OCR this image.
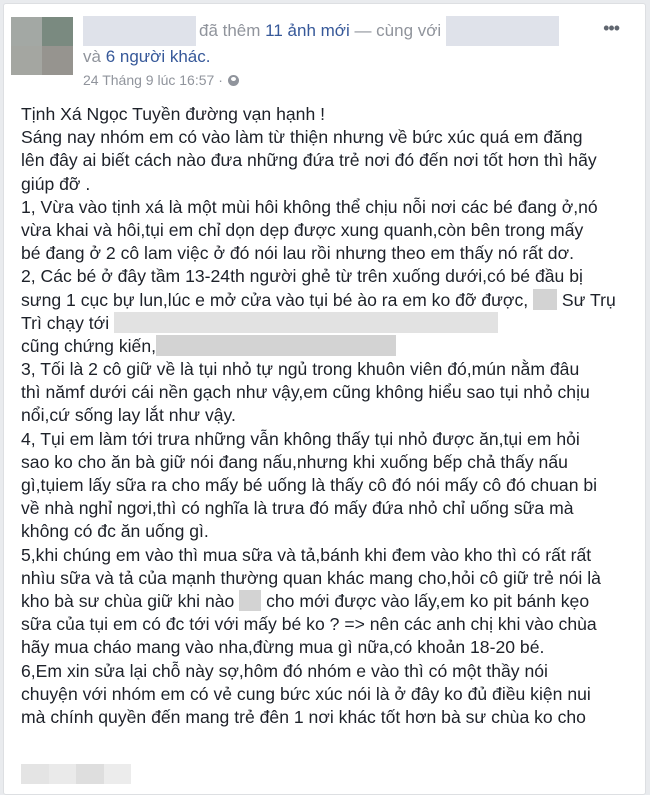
đã thêm
11 ảnh mới
— cùng với	•••
và 6 người khác.
24 Tháng 9 lúc 16:57
·
Tịnh Xá Ngọc Tuyền đường vạn hạnh !
Sáng nay nhóm em có vào làm từ thiện nhưng về bức xúc quá em đăng
lên đây ai biết cách nào đưa những đứa trẻ nơi đó đến nơi tốt hơn thì hãy
giúp đỡ .
1, Vừa vào tịnh xá là một mùi hôi không thể chịu nỗi nơi các bé đang ở,nó
vừa khai và hôi,tụi em chỉ dọn dẹp được xung quanh,còn bên trong mấy
bé đang ở 2 cô lam việc ở đó nói lau rồi nhưng theo em thấy nó rất dơ.
2, Các bé ở đây tầm 13-24th người ghẻ từ trên xuống dưới,có bé đầu bị
sưng 1 cục bự lun,lúc e mở cửa vào tụi bé ào ra em ko đỡ được, Sư Trụ
Trì chạy tới
cũng chứng kiến,
3, Tối là 2 cô giữ về là tụi nhỏ tự ngủ trong khuôn viên đó,mún nằm đâu
thì nămf dưới cái nền gạch như vậy,em cũng không hiểu sao tụi nhỏ chịu
nổi,cứ sống lay lắt như vậy.
4, Tụi em làm tới trưa những vẫn không thấy tụi nhỏ được ăn,tụi em hỏi
sao ko cho ăn bà giữ nói đang nấu,nhưng khi xuống bếp chả thấy nấu
gì,tụiem lấy sữa ra cho mấy bé uống là thấy cô đó nói mấy cô đó chuan bi
về nhà nghỉ ngơi,thì có nghĩa là trưa đó mấy đứa nhỏ chỉ uống sữa mà
không có đc ăn uống gì.
5,khi chúng em vào thì mua sữa và tả,bánh khi đem vào kho thì có rất rất
nhìu sữa và tả của mạnh thường quan khác mang cho,hỏi cô giữ trẻ nói là
kho bà sư chùa giữ khi nào cho mới được vào lấy,em ko pit bánh kẹo
sữa của tụi em có đc tới với mấy bé ko ? => nên các anh chị khi vào chùa
hãy mua cháo mang vào nha,đừng mua gì nữa,có khoản 18-20 bé.
6,Em xin sửa lại chỗ này sợ,hôm đó nhóm e vào thì có một thầy nói
chuyện với nhóm em có vẻ cung bức xúc nói là ở đây ko đủ điều kiện nui
mà chính quyền đến mang trẻ đên 1 nơi khác tốt hơn bà sư chùa ko cho
